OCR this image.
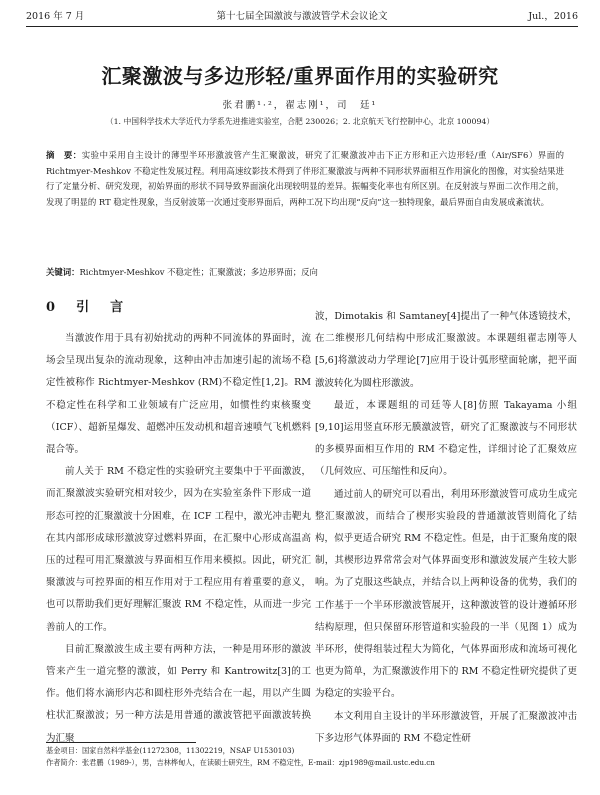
2016 年 7 月	第十七届全国激波与激波管学术会议论文	Jul.，2016
汇聚激波与多边形轻/重界面作用的实验研究
张君鹏¹·²，翟志刚¹，司　廷¹
（1. 中国科学技术大学近代力学系先进推进实验室，合肥 230026；2. 北京航天飞行控制中心，北京 100094）
摘　要：实验中采用自主设计的薄型半环形激波管产生汇聚激波，研究了汇聚激波冲击下正方形和正六边形轻/重（Air/SF6）界面的 Richtmyer-Meshkov 不稳定性发展过程。利用高速纹影技术得到了伴形汇聚激波与两种不同形状界面相互作用演化的图像，对实验结果进行了定量分析、研究发现，初始界面的形状不同导致界面演化出现较明显的差异。振幅变化率也有所区别。在反射波与界面二次作用之前，发现了明显的 RT 稳定性现象，当反射波第一次通过变形界面后，两种工况下均出现“反向”这一独特现象，最后界面自由发展成紊流状。
关键词：Richtmyer-Meshkov 不稳定性；汇聚激波；多边形界面；反向
0 引　言

当激波作用于具有初始扰动的两种不同流体的界面时，流场会呈现出复杂的流动现象，这种由冲击加速引起的流场不稳定性被称作 Richtmyer-Meshkov (RM)不稳定性[1,2]。RM 不稳定性在科学和工业领域有广泛应用，如惯性约束核聚变（ICF）、超新星爆发、超燃冲压发动机和超音速喷气飞机燃料混合等。

前人关于 RM 不稳定性的实验研究主要集中于平面激波，而汇聚激波实验研究相对较少，因为在实验室条件下形成一道形态可控的汇聚激波十分困难，在 ICF 工程中，激光冲击靶丸在其内部形成球形激波穿过燃料界面，在汇聚中心形成高温高压的过程可用汇聚激波与界面相互作用来模拟。因此，研究汇聚激波与可控界面的相互作用对于工程应用有着重要的意义，也可以帮助我们更好理解汇聚波 RM 不稳定性，从而进一步完善前人的工作。

目前汇聚激波生成主要有两种方法，一种是用环形的激波管来产生一道完整的激波，如 Perry 和 Kantrowitz[3]的工作。他们将水滴形内芯和圆柱形外壳结合在一起，用以产生圆柱状汇聚激波；另一种方法是用普通的激波管把平面激波转换为汇聚

波，Dimotakis 和 Samtaney[4]提出了一种气体透镜技术，在二维楔形几何结构中形成汇聚激波。本课题组翟志刚等人[5,6]将激波动力学理论[7]应用于设计弧形壁面轮廓，把平面激波转化为圆柱形激波。

最近，本课题组的司廷等人[8]仿照 Takayama 小组[9,10]运用竖直环形无膜激波管，研究了汇聚激波与不同形状的多模界面相互作用的 RM 不稳定性，详细讨论了汇聚效应（几何效应、可压缩性和反向）。

通过前人的研究可以看出，利用环形激波管可成功生成完整汇聚激波，而结合了楔形实验段的普通激波管则简化了结构，似乎更适合研究 RM 不稳定性。但是，由于汇聚角度的限制，其楔形边界常常会对气体界面变形和激波发展产生较大影响。为了克服这些缺点，并结合以上两种设备的优势，我们的工作基于一个半环形激波管展开，这种激波管的设计遵循环形结构原理，但只保留环形管道和实验段的一半（见图 1）成为半环形，使得组装过程大为简化，气体界面形成和流场可视化也更为简单，为汇聚激波作用下的 RM 不稳定性研究提供了更为稳定的实验平台。

本文利用自主设计的半环形激波管，开展了汇聚激波冲击下多边形气体界面的 RM 不稳定性研

基金项目：国家自然科学基金(11272308，11302219，NSAF U1530103)
作者简介：张君鹏（1989-），男，吉林桦甸人，在读硕士研究生，RM 不稳定性，E-mail：zjp1989@mail.ustc.edu.cn
